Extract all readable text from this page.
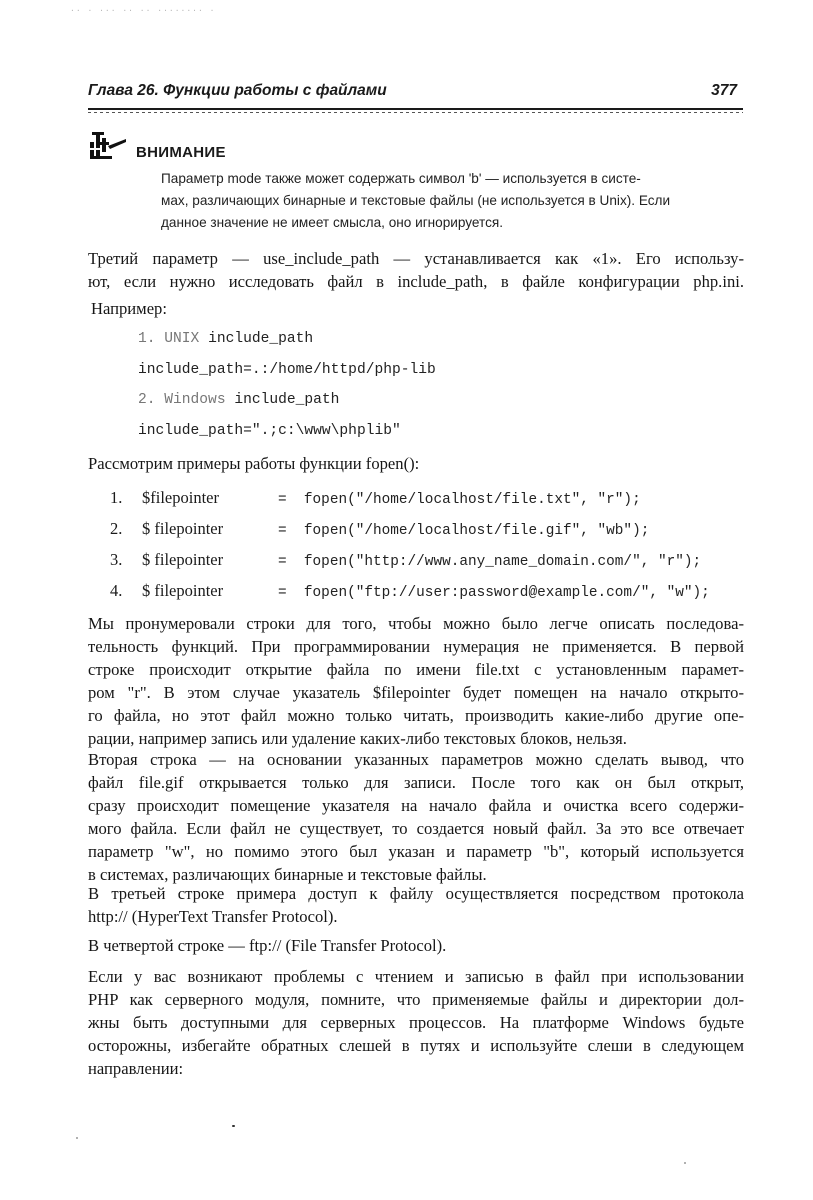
·· · ··· ·· ·· ········ ·
Глава 26. Функции работы с файлами	377
ВНИМАНИЕ
Параметр mode также может содержать символ 'b' — используется в систе-
мах, различающих бинарные и текстовые файлы (не используется в Unix). Если
данное значение не имеет смысла, оно игнорируется.
Третий параметр — use_include_path — устанавливается как «1». Его использу-
ют, если нужно исследовать файл в include_path, в файле конфигурации php.ini.
Например:
1. UNIX include_path
include_path=.:/home/httpd/php-lib
2. Windows include_path
include_path=".;c:\www\phplib"
Рассмотрим примеры работы функции fopen():
1. $filepointer	=  fopen("/home/localhost/file.txt", "r");
2. $ filepointer	=  fopen("/home/localhost/file.gif", "wb");
3. $ filepointer	=  fopen("http://www.any_name_domain.com/", "r");
4. $ filepointer	=  fopen("ftp://user:password@example.com/", "w");
Мы пронумеровали строки для того, чтобы можно было легче описать последова-
тельность функций. При программировании нумерация не применяется. В первой
строке происходит открытие файла по имени file.txt с установленным парамет-
ром "r". В этом случае указатель $filepointer будет помещен на начало открыто-
го файла, но этот файл можно только читать, производить какие-либо другие опе-
рации, например запись или удаление каких-либо текстовых блоков, нельзя.
Вторая строка — на основании указанных параметров можно сделать вывод, что
файл file.gif открывается только для записи. После того как он был открыт,
сразу происходит помещение указателя на начало файла и очистка всего содержи-
мого файла. Если файл не существует, то создается новый файл. За это все отвечает
параметр "w", но помимо этого был указан и параметр "b", который используется
в системах, различающих бинарные и текстовые файлы.
В третьей строке примера доступ к файлу осуществляется посредством протокола
http:// (HyperText Transfer Protocol).
В четвертой строке — ftp:// (File Transfer Protocol).
Если у вас возникают проблемы с чтением и записью в файл при использовании
PHP как серверного модуля, помните, что применяемые файлы и директории дол-
жны быть доступными для серверных процессов. На платформе Windows будьте
осторожны, избегайте обратных слешей в путях и используйте слеши в следующем
направлении:
